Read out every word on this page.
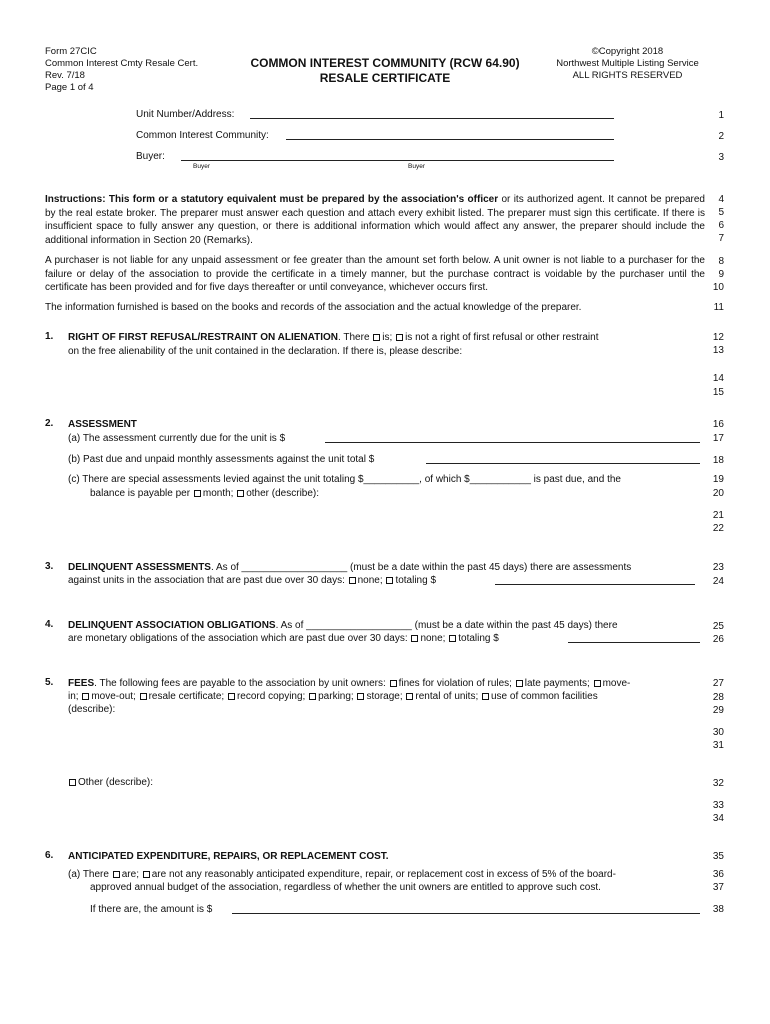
Form 27CIC
Common Interest Cmty Resale Cert.
Rev. 7/18
Page 1 of 4
COMMON INTEREST COMMUNITY (RCW 64.90)
RESALE CERTIFICATE
©Copyright 2018
Northwest Multiple Listing Service
ALL RIGHTS RESERVED
Unit Number/Address:
Common Interest Community:
Buyer:
Buyer	Buyer
Instructions: This form or a statutory equivalent must be prepared by the association's officer or its authorized agent. It cannot be prepared by the real estate broker. The preparer must answer each question and attach every exhibit listed. The preparer must sign this certificate. If there is insufficient space to fully answer any question, or there is additional information which would affect any answer, the preparer should include the additional information in Section 20 (Remarks).
A purchaser is not liable for any unpaid assessment or fee greater than the amount set forth below. A unit owner is not liable to a purchaser for the failure or delay of the association to provide the certificate in a timely manner, but the purchase contract is voidable by the purchaser until the certificate has been provided and for five days thereafter or until conveyance, whichever occurs first.
The information furnished is based on the books and records of the association and the actual knowledge of the preparer.
1. RIGHT OF FIRST REFUSAL/RESTRAINT ON ALIENATION. There is; is not a right of first refusal or other restraint
on the free alienability of the unit contained in the declaration. If there is, please describe:
2. ASSESSMENT
(a) The assessment currently due for the unit is $
(b) Past due and unpaid monthly assessments against the unit total $
(c) There are special assessments levied against the unit totaling $__________, of which $___________ is past due, and the
balance is payable per month; other (describe):
3. DELINQUENT ASSESSMENTS. As of ___________________ (must be a date within the past 45 days) there are assessments
against units in the association that are past due over 30 days: none; totaling $
4. DELINQUENT ASSOCIATION OBLIGATIONS. As of ___________________ (must be a date within the past 45 days) there
are monetary obligations of the association which are past due over 30 days: none; totaling $
5. FEES. The following fees are payable to the association by unit owners: fines for violation of rules; late payments; move-
in; move-out; resale certificate; record copying; parking; storage; rental of units; use of common facilities
(describe):
Other (describe):
6. ANTICIPATED EXPENDITURE, REPAIRS, OR REPLACEMENT COST.
(a) There are; are not any reasonably anticipated expenditure, repair, or replacement cost in excess of 5% of the board-
approved annual budget of the association, regardless of whether the unit owners are entitled to approve such cost.
If there are, the amount is $
1
2
3
4
5
6
7
8
9
10
11
12
13
14
15
16
17
18
19
20
21
22
23
24
25
26
27
28
29
30
31
32
33
34
35
36
37
38
